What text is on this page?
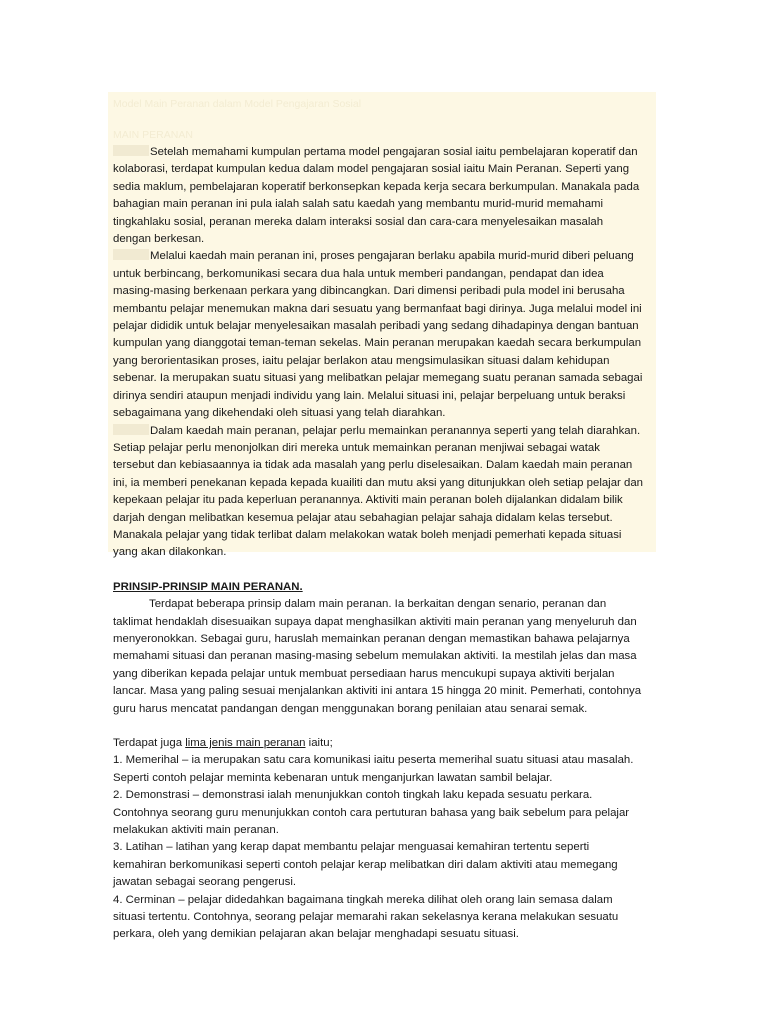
Model Main Peranan dalam Model Pengajaran Sosial

MAIN PERANAN

Setelah memahami kumpulan pertama model pengajaran sosial iaitu pembelajaran koperatif dan kolaborasi, terdapat kumpulan kedua dalam model pengajaran sosial iaitu Main Peranan. Seperti yang sedia maklum, pembelajaran koperatif berkonsepkan kepada kerja secara berkumpulan. Manakala pada bahagian main peranan ini pula ialah salah satu kaedah yang membantu murid-murid memahami tingkahlaku sosial, peranan mereka dalam interaksi sosial dan cara-cara menyelesaikan masalah dengan berkesan.

Melalui kaedah main peranan ini, proses pengajaran berlaku apabila murid-murid diberi peluang untuk berbincang, berkomunikasi secara dua hala untuk memberi pandangan, pendapat dan idea masing-masing berkenaan perkara yang dibincangkan. Dari dimensi peribadi pula model ini berusaha membantu pelajar menemukan makna dari sesuatu yang bermanfaat bagi dirinya. Juga melalui model ini pelajar dididik untuk belajar menyelesaikan masalah peribadi yang sedang dihadapinya dengan bantuan kumpulan yang dianggotai teman-teman sekelas. Main peranan merupakan kaedah secara berkumpulan yang berorientasikan proses, iaitu pelajar berlakon atau mengsimulasikan situasi dalam kehidupan sebenar. Ia merupakan suatu situasi yang melibatkan pelajar memegang suatu peranan samada sebagai dirinya sendiri ataupun menjadi individu yang lain. Melalui situasi ini, pelajar berpeluang untuk beraksi sebagaimana yang dikehendaki oleh situasi yang telah diarahkan.

Dalam kaedah main peranan, pelajar perlu memainkan peranannya seperti yang telah diarahkan. Setiap pelajar perlu menonjolkan diri mereka untuk memainkan peranan menjiwai sebagai watak tersebut dan kebiasaannya ia tidak ada masalah yang perlu diselesaikan. Dalam kaedah main peranan ini, ia memberi penekanan kepada kepada kuailiti dan mutu aksi yang ditunjukkan oleh setiap pelajar dan kepekaan pelajar itu pada keperluan peranannya. Aktiviti main peranan boleh dijalankan didalam bilik darjah dengan melibatkan kesemua pelajar atau sebahagian pelajar sahaja didalam kelas tersebut. Manakala pelajar yang tidak terlibat dalam melakokan watak boleh menjadi pemerhati kepada situasi yang akan dilakonkan.

PRINSIP-PRINSIP MAIN PERANAN.

Terdapat beberapa prinsip dalam main peranan. Ia berkaitan dengan senario, peranan dan taklimat hendaklah disesuaikan supaya dapat menghasilkan aktiviti main peranan yang menyeluruh dan menyeronokkan. Sebagai guru, haruslah memainkan peranan dengan memastikan bahawa pelajarnya memahami situasi dan peranan masing-masing sebelum memulakan aktiviti. Ia mestilah jelas dan masa yang diberikan kepada pelajar untuk membuat persediaan harus mencukupi supaya aktiviti berjalan lancar. Masa yang paling sesuai menjalankan aktiviti ini antara 15 hingga 20 minit. Pemerhati, contohnya guru harus mencatat pandangan dengan menggunakan borang penilaian atau senarai semak.

Terdapat juga lima jenis main peranan iaitu;

1. Memerihal – ia merupakan satu cara komunikasi iaitu peserta memerihal suatu situasi atau masalah. Seperti contoh pelajar meminta kebenaran untuk menganjurkan lawatan sambil belajar.

2. Demonstrasi – demonstrasi ialah menunjukkan contoh tingkah laku kepada sesuatu perkara. Contohnya seorang guru menunjukkan contoh cara pertuturan bahasa yang baik sebelum para pelajar melakukan aktiviti main peranan.

3. Latihan – latihan yang kerap dapat membantu pelajar menguasai kemahiran tertentu seperti kemahiran berkomunikasi seperti contoh pelajar kerap melibatkan diri dalam aktiviti atau memegang jawatan sebagai seorang pengerusi.

4. Cerminan – pelajar didedahkan bagaimana tingkah mereka dilihat oleh orang lain semasa dalam situasi tertentu. Contohnya, seorang pelajar memarahi rakan sekelasnya kerana melakukan sesuatu perkara, oleh yang demikian pelajaran akan belajar menghadapi sesuatu situasi.
